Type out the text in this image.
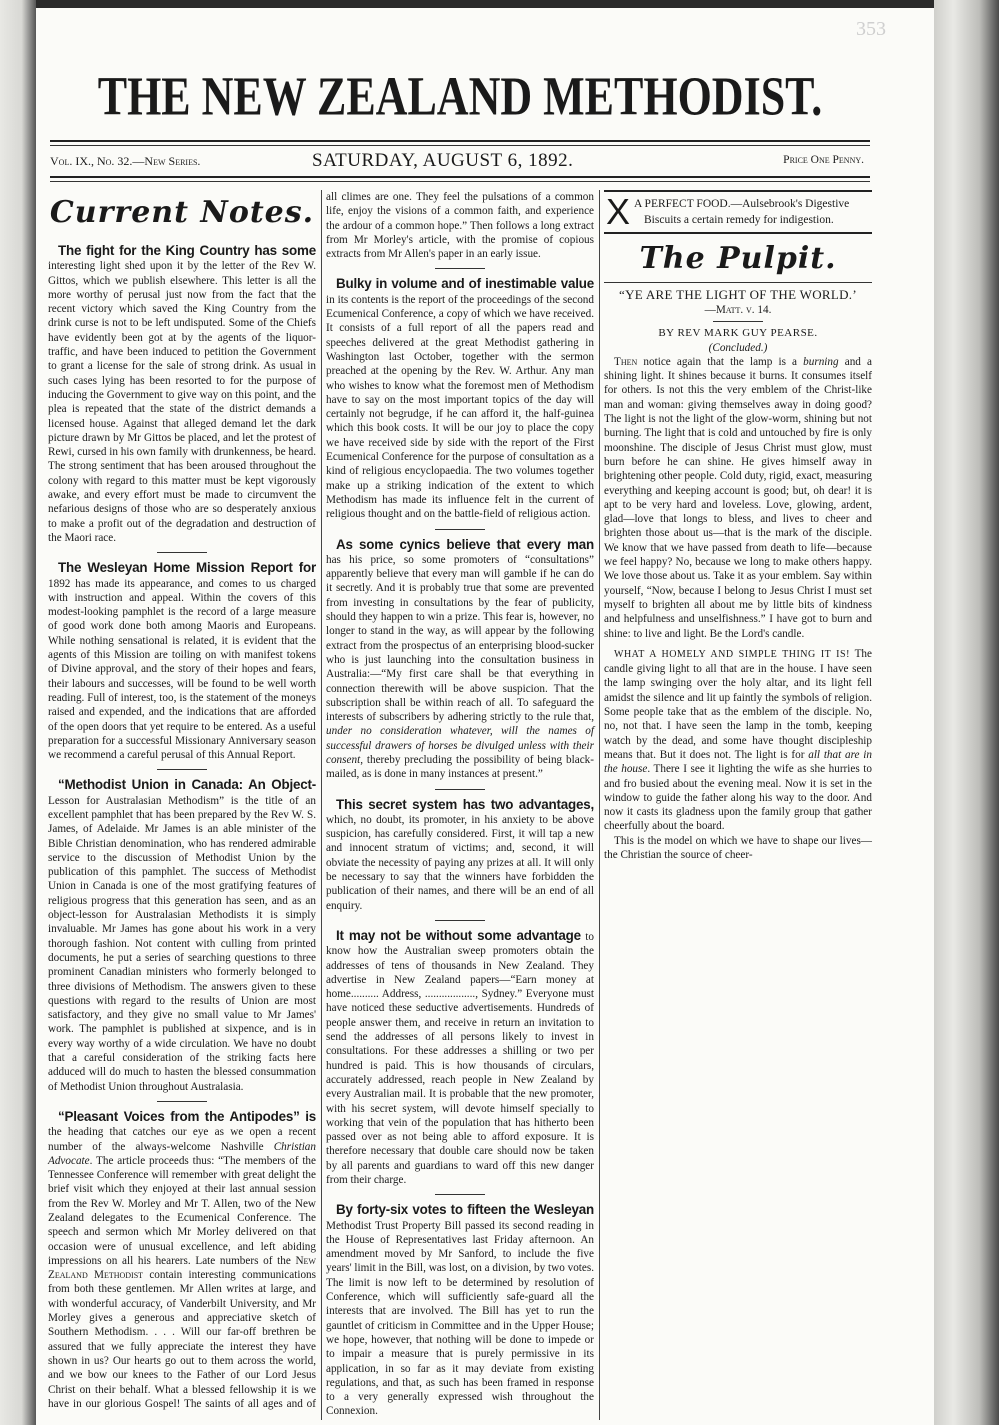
353
THE NEW ZEALAND METHODIST.
Vol. IX., No. 32.—New Series.	SATURDAY, AUGUST 6, 1892.	Price One Penny.
Current Notes.

The fight for the King Country has some interesting light shed upon it by the letter of the Rev W. Gittos, which we publish elsewhere. This letter is all the more worthy of perusal just now from the fact that the recent victory which saved the King Country from the drink curse is not to be left undisputed. Some of the Chiefs have evidently been got at by the agents of the liquor-traffic, and have been induced to petition the Government to grant a license for the sale of strong drink. As usual in such cases lying has been resorted to for the purpose of inducing the Government to give way on this point, and the plea is repeated that the state of the district demands a licensed house. Against that alleged demand let the dark picture drawn by Mr Gittos be placed, and let the protest of Rewi, cursed in his own family with drunkenness, be heard. The strong sentiment that has been aroused throughout the colony with regard to this matter must be kept vigorously awake, and every effort must be made to circumvent the nefarious designs of those who are so desperately anxious to make a profit out of the degradation and destruction of the Maori race.

The Wesleyan Home Mission Report for 1892 has made its appearance, and comes to us charged with instruction and appeal. Within the covers of this modest-looking pamphlet is the record of a large measure of good work done both among Maoris and Europeans. While nothing sensational is related, it is evident that the agents of this Mission are toiling on with manifest tokens of Divine approval, and the story of their hopes and fears, their labours and successes, will be found to be well worth reading. Full of interest, too, is the statement of the moneys raised and expended, and the indications that are afforded of the open doors that yet require to be entered. As a useful preparation for a successful Missionary Anniversary season we recommend a careful perusal of this Annual Report.

“Methodist Union in Canada: An Object-Lesson for Australasian Methodism” is the title of an excellent pamphlet that has been prepared by the Rev W. S. James, of Adelaide. Mr James is an able minister of the Bible Christian denomination, who has rendered admirable service to the discussion of Methodist Union by the publication of this pamphlet. The success of Methodist Union in Canada is one of the most gratifying features of religious progress that this generation has seen, and as an object-lesson for Australasian Methodists it is simply invaluable. Mr James has gone about his work in a very thorough fashion. Not content with culling from printed documents, he put a series of searching questions to three prominent Canadian ministers who formerly belonged to three divisions of Methodism. The answers given to these questions with regard to the results of Union are most satisfactory, and they give no small value to Mr James' work. The pamphlet is published at sixpence, and is in every way worthy of a wide circulation. We have no doubt that a careful consideration of the striking facts here adduced will do much to hasten the blessed consummation of Methodist Union throughout Australasia.

“Pleasant Voices from the Antipodes” is the heading that catches our eye as we open a recent number of the always-welcome Nashville Christian Advocate. The article proceeds thus: “The members of the Tennessee Conference will remember with great delight the brief visit which they enjoyed at their last annual session from the Rev W. Morley and Mr T. Allen, two of the New Zealand delegates to the Ecumenical Conference. The speech and sermon which Mr Morley delivered on that occasion were of unusual excellence, and left abiding impressions on all his hearers. Late numbers of the New Zealand Methodist contain interesting communications from both these gentlemen. Mr Allen writes at large, and with wonderful accuracy, of Vanderbilt University, and Mr Morley gives a generous and appreciative sketch of Southern Methodism. . . . Will our far-off brethren be assured that we fully appreciate the interest they have shown in us? Our hearts go out to them across the world, and we bow our knees to the Father of our Lord Jesus Christ on their behalf. What a blessed fellowship it is we have in our glorious Gospel! The saints of all ages and of all climes are one. They feel the pulsations of a common life, enjoy the visions of a common faith, and experience the ardour of a common hope.” Then follows a long extract from Mr Morley's article, with the promise of copious extracts from Mr Allen's paper in an early issue.

Bulky in volume and of inestimable value in its contents is the report of the proceedings of the second Ecumenical Conference, a copy of which we have received. It consists of a full report of all the papers read and speeches delivered at the great Methodist gathering in Washington last October, together with the sermon preached at the opening by the Rev. W. Arthur. Any man who wishes to know what the foremost men of Methodism have to say on the most important topics of the day will certainly not begrudge, if he can afford it, the half-guinea which this book costs. It will be our joy to place the copy we have received side by side with the report of the First Ecumenical Conference for the purpose of consultation as a kind of religious encyclopaedia. The two volumes together make up a striking indication of the extent to which Methodism has made its influence felt in the current of religious thought and on the battle-field of religious action.

As some cynics believe that every man has his price, so some promoters of “consultations” apparently believe that every man will gamble if he can do it secretly. And it is probably true that some are prevented from investing in consultations by the fear of publicity, should they happen to win a prize. This fear is, however, no longer to stand in the way, as will appear by the following extract from the prospectus of an enterprising blood-sucker who is just launching into the consultation business in Australia:—“My first care shall be that everything in connection therewith will be above suspicion. That the subscription shall be within reach of all. To safeguard the interests of subscribers by adhering strictly to the rule that, under no consideration whatever, will the names of successful drawers of horses be divulged unless with their consent, thereby precluding the possibility of being black-mailed, as is done in many instances at present.”

This secret system has two advantages, which, no doubt, its promoter, in his anxiety to be above suspicion, has carefully considered. First, it will tap a new and innocent stratum of victims; and, second, it will obviate the necessity of paying any prizes at all. It will only be necessary to say that the winners have forbidden the publication of their names, and there will be an end of all enquiry.

It may not be without some advantage to know how the Australian sweep promoters obtain the addresses of tens of thousands in New Zealand. They advertise in New Zealand papers—“Earn money at home.......... Address, .................., Sydney.” Everyone must have noticed these seductive advertisements. Hundreds of people answer them, and receive in return an invitation to send the addresses of all persons likely to invest in consultations. For these addresses a shilling or two per hundred is paid. This is how thousands of circulars, accurately addressed, reach people in New Zealand by every Australian mail. It is probable that the new promoter, with his secret system, will devote himself specially to working that vein of the population that has hitherto been passed over as not being able to afford exposure. It is therefore necessary that double care should now be taken by all parents and guardians to ward off this new danger from their charge.

By forty-six votes to fifteen the Wesleyan Methodist Trust Property Bill passed its second reading in the House of Representatives last Friday afternoon. An amendment moved by Mr Sanford, to include the five years' limit in the Bill, was lost, on a division, by two votes. The limit is now left to be determined by resolution of Conference, which will sufficiently safe-guard all the interests that are involved. The Bill has yet to run the gauntlet of criticism in Committee and in the Upper House; we hope, however, that nothing will be done to impede or to impair a measure that is purely permissive in its application, in so far as it may deviate from existing regulations, and that, as such has been framed in response to a very generally expressed wish throughout the Connexion.

X A PERFECT FOOD.—Aulsebrook's Digestive
Biscuits a certain remedy for indigestion.
The Pulpit.
“YE ARE THE LIGHT OF THE WORLD.’
—Matt. v. 14.
BY REV MARK GUY PEARSE.
(Concluded.)

Then notice again that the lamp is a burning and a shining light. It shines because it burns. It consumes itself for others. Is not this the very emblem of the Christ-like man and woman: giving themselves away in doing good? The light is not the light of the glow-worm, shining but not burning. The light that is cold and untouched by fire is only moonshine. The disciple of Jesus Christ must glow, must burn before he can shine. He gives himself away in brightening other people. Cold duty, rigid, exact, measuring everything and keeping account is good; but, oh dear! it is apt to be very hard and loveless. Love, glowing, ardent, glad—love that longs to bless, and lives to cheer and brighten those about us—that is the mark of the disciple. We know that we have passed from death to life—because we feel happy? No, because we long to make others happy. We love those about us. Take it as your emblem. Say within yourself, “Now, because I belong to Jesus Christ I must set myself to brighten all about me by little bits of kindness and helpfulness and unselfishness.” I have got to burn and shine: to live and light. Be the Lord's candle.

WHAT A HOMELY AND SIMPLE THING IT IS! The candle giving light to all that are in the house. I have seen the lamp swinging over the holy altar, and its light fell amidst the silence and lit up faintly the symbols of religion. Some people take that as the emblem of the disciple. No, no, not that. I have seen the lamp in the tomb, keeping watch by the dead, and some have thought discipleship means that. But it does not. The light is for all that are in the house. There I see it lighting the wife as she hurries to and fro busied about the evening meal. Now it is set in the window to guide the father along his way to the door. And now it casts its gladness upon the family group that gather cheerfully about the board.

This is the model on which we have to shape our lives—the Christian the source of cheer-
